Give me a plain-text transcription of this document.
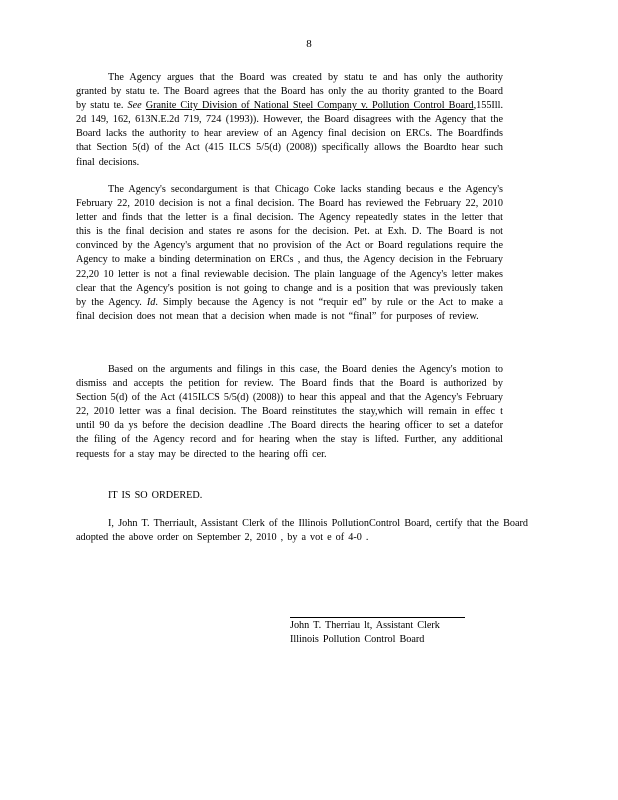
8
The Agency argues that the Board was created by statu te and has only the authority granted by statu te. The Board agrees that the Board has only the au thority granted to the Board by statu te. See Granite City Division of National Steel Company v. Pollution Control Board,155Ill. 2d 149, 162, 613N.E.2d 719, 724 (1993)). However, the Board disagrees with the Agency that the Board lacks the authority to hear areview of an Agency final decision on ERCs. The Boardfinds that Section 5(d) of the Act (415 ILCS 5/5(d) (2008)) specifically allows the Boardto hear such final decisions.
The Agency's secondargument is that Chicago Coke lacks standing becaus e the Agency's February 22, 2010 decision is not a final decision. The Board has reviewed the February 22, 2010 letter and finds that the letter is a final decision. The Agency repeatedly states in the letter that this is the final decision and states re asons for the decision. Pet. at Exh. D. The Board is not convinced by the Agency's argument that no provision of the Act or Board regulations require the Agency to make a binding determination on ERCs , and thus, the Agency decision in the February 22,20 10 letter is not a final reviewable decision. The plain language of the Agency's letter makes clear that the Agency's position is not going to change and is a position that was previously taken by the Agency. Id. Simply because the Agency is not “requir ed” by rule or the Act to make a final decision does not mean that a decision when made is not “final” for purposes of review.
Based on the arguments and filings in this case, the Board denies the Agency's motion to dismiss and accepts the petition for review. The Board finds that the Board is authorized by Section 5(d) of the Act (415ILCS 5/5(d) (2008)) to hear this appeal and that the Agency's February 22, 2010 letter was a final decision. The Board reinstitutes the stay,which will remain in effec t until 90 da ys before the decision deadline .The Board directs the hearing officer to set a datefor the filing of the Agency record and for hearing when the stay is lifted. Further, any additional requests for a stay may be directed to the hearing offi cer.
IT IS SO ORDERED.
I, John T. Therriault, Assistant Clerk of the Illinois PollutionControl Board, certify that the Board adopted the above order on September 2, 2010 , by a vot e of 4-0 .
John T. Therriau lt, Assistant Clerk
Illinois Pollution Control Board
